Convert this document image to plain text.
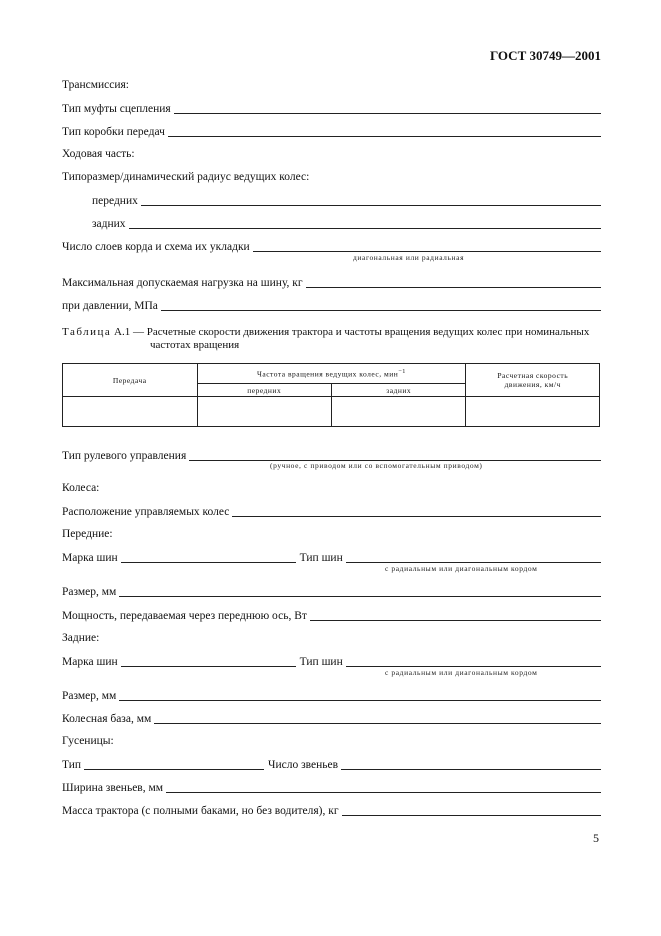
ГОСТ 30749—2001
Трансмиссия:
Тип муфты сцепления
Тип коробки передач
Ходовая часть:
Типоразмер/динамический радиус ведущих колес:
передних
задних
Число слоев корда и схема их укладки
диагональная или радиальная
Максимальная допускаемая нагрузка на шину, кг
при давлении, МПа
Таблица А.1 — Расчетные скорости движения трактора и частоты вращения ведущих колес при номинальных
частотах вращения
Передача	Частота вращения ведущих колес, мин$^{-1}$		Расчетная скорость
движения, км/ч
	передних	задних	

Тип рулевого управления
(ручное, с приводом или со вспомогательным приводом)
Колеса:
Расположение управляемых колес
Передние:
Марка шин	Тип шин
с радиальным или диагональным кордом
Размер, мм
Мощность, передаваемая через переднюю ось, Вт
Задние:
Марка шин	Тип шин
с радиальным или диагональным кордом
Размер, мм
Колесная база, мм
Гусеницы:
Тип	Число звеньев
Ширина звеньев, мм
Масса трактора (с полными баками, но без водителя), кг
5
